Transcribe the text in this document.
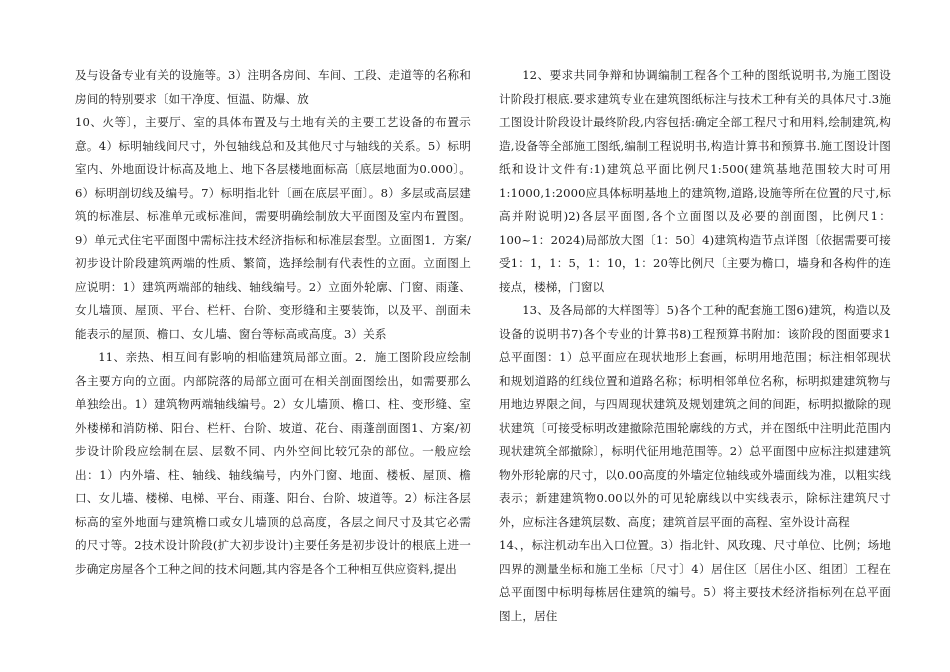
及与设备专业有关的设施等。3）注明各房间、车间、工段、走道等的名称和房间的特别要求〔如干净度、恒温、防爆、放

10、火等〕，主要厅、室的具体布置及与土地有关的主要工艺设备的布置示意。4）标明轴线间尺寸，外包轴线总和及其他尺寸与轴线的关系。5）标明室内、外地面设计标高及地上、地下各层楼地面标高〔底层地面为0.000〕。6）标明剖切线及编号。7）标明指北针〔画在底层平面〕。8）多层或高层建筑的标准层、标准单元或标准间，需要明确绘制放大平面图及室内布置图。9）单元式住宅平面图中需标注技术经济指标和标准层套型。立面图1．方案/初步设计阶段建筑两端的性质、繁简，选择绘制有代表性的立面。立面图上应说明：1）建筑两端部的轴线、轴线编号。2）立面外轮廓、门窗、雨蓬、女儿墙顶、屋顶、平台、栏杆、台阶、变形缝和主要装饰，以及平、剖面未能表示的屋顶、檐口、女儿墙、窗台等标高或高度。3）关系

11、亲热、相互间有影响的相临建筑局部立面。2．施工图阶段应绘制各主要方向的立面。内部院落的局部立面可在相关剖面图绘出，如需要那么单独绘出。1）建筑物两端轴线编号。2）女儿墙顶、檐口、柱、变形缝、室外楼梯和消防梯、阳台、栏杆、台阶、坡道、花台、雨蓬剖面图1、方案/初步设计阶段应绘制在层、层数不同、内外空间比较冗杂的部位。一般应绘出：1）内外墙、柱、轴线、轴线编号，内外门窗、地面、楼板、屋顶、檐口、女儿墙、楼梯、电梯、平台、雨蓬、阳台、台阶、坡道等。2）标注各层标高的室外地面与建筑檐口或女儿墙顶的总高度，各层之间尺寸及其它必需的尺寸等。2技术设计阶段(扩大初步设计)主要任务是初步设计的根底上进一步确定房屋各个工种之间的技术问题,其内容是各个工种相互供应资料,提出

12、要求共同争辩和协调编制工程各个工种的图纸说明书,为施工图设计阶段打根底.要求建筑专业在建筑图纸标注与技术工种有关的具体尺寸.3施工图设计阶段设计最终阶段,内容包括:确定全部工程尺寸和用料,绘制建筑,构造,设备等全部施工图纸,编制工程说明书,构造计算书和预算书.施工图设计图纸和设计文件有:1)建筑总平面比例尺1:500(建筑基地范围较大时可用1:1000,1:2000应具体标明基地上的建筑物,道路,设施等所在位置的尺寸,标高并附说明)2)各层平面图,各个立面图以及必要的剖面图，比例尺1：100~1：2024)局部放大图〔1：50〕4)建筑构造节点详图〔依据需要可接受1：1，1：5，1：10，1：20等比例尺〔主要为檐口，墙身和各构件的连接点，楼梯，门窗以

13、及各局部的大样图等〕5)各个工种的配套施工图6)建筑，构造以及设备的说明书7)各个专业的计算书8)工程预算书附加：该阶段的图面要求1总平面图：1）总平面应在现状地形上套画，标明用地范围；标注相邻现状和规划道路的红线位置和道路名称；标明相邻单位名称，标明拟建建筑物与用地边界限之间，与四周现状建筑及规划建筑之间的间距，标明拟撤除的现状建筑〔可接受标明改建撤除范围轮廓线的方式，并在图纸中注明此范围内现状建筑全部撤除〕，标明代征用地范围等。2）总平面图中应标注拟建建筑物外形轮廓的尺寸，以0.00高度的外墙定位轴线或外墙面线为准，以粗实线表示；新建建筑物0.00以外的可见轮廓线以中实线表示，除标注建筑尺寸外，应标注各建筑层数、高度；建筑首层平面的高程、室外设计高程

14、，标注机动车出入口位置。3）指北针、风玫瑰、尺寸单位、比例；场地四界的测量坐标和施工坐标〔尺寸〕4）居住区〔居住小区、组团〕工程在总平面图中标明每栋居住建筑的编号。5）将主要技术经济指标列在总平面图上，居住
